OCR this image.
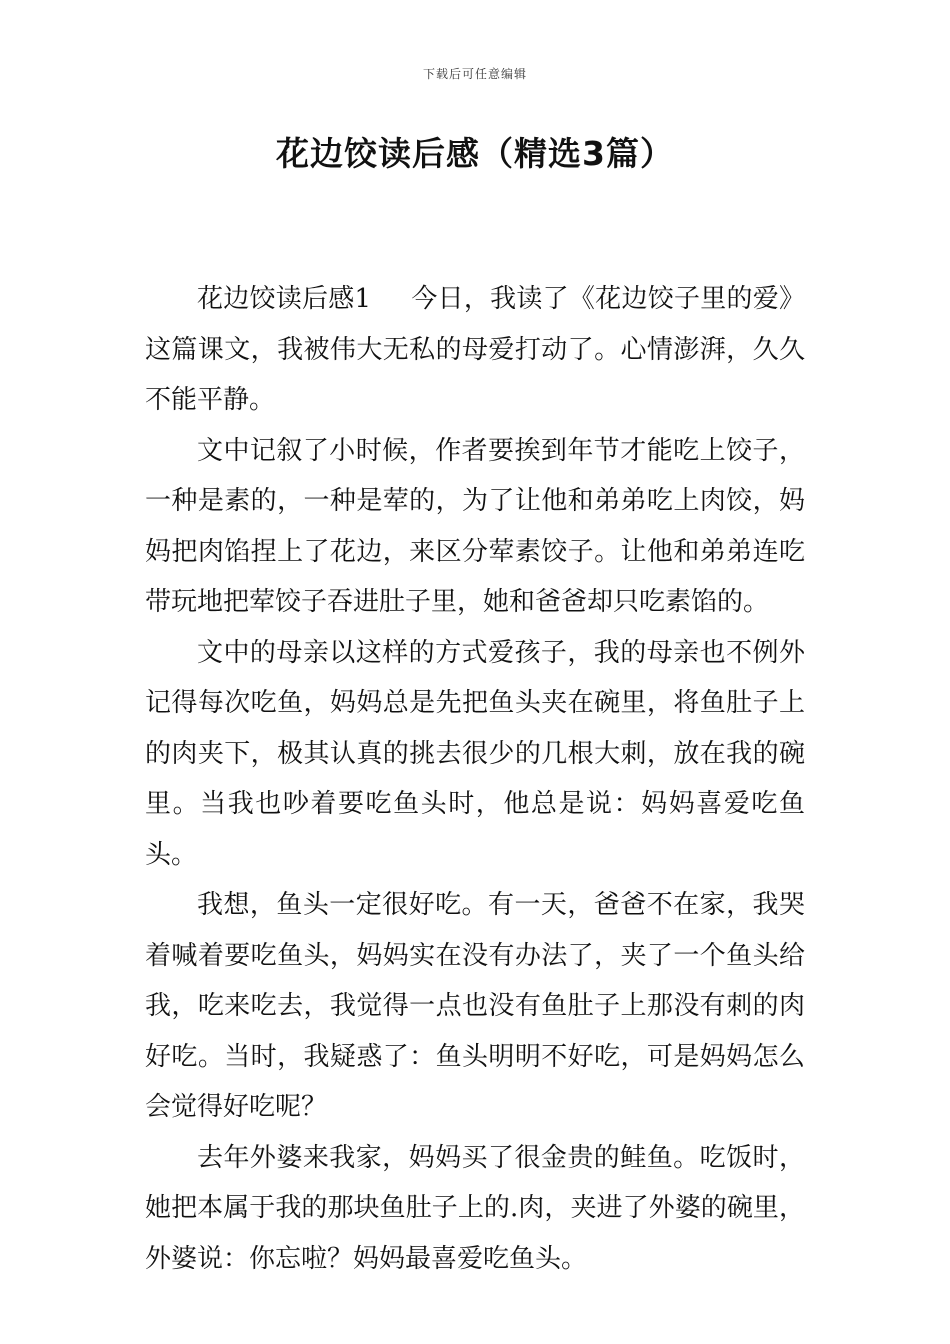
下载后可任意编辑
花边饺读后感（精选3篇）

花边饺读后感1 今日，我读了《花边饺子里的爱》这篇课文，我被伟大无私的母爱打动了。心情澎湃，久久不能平静。

文中记叙了小时候，作者要挨到年节才能吃上饺子，一种是素的，一种是荤的，为了让他和弟弟吃上肉饺，妈妈把肉馅捏上了花边，来区分荤素饺子。让他和弟弟连吃带玩地把荤饺子吞进肚子里，她和爸爸却只吃素馅的。

文中的母亲以这样的方式爱孩子，我的母亲也不例外记得每次吃鱼，妈妈总是先把鱼头夹在碗里，将鱼肚子上的肉夹下，极其认真的挑去很少的几根大刺，放在我的碗里。当我也吵着要吃鱼头时，他总是说：妈妈喜爱吃鱼头。

我想，鱼头一定很好吃。有一天，爸爸不在家，我哭着喊着要吃鱼头，妈妈实在没有办法了，夹了一个鱼头给我，吃来吃去，我觉得一点也没有鱼肚子上那没有刺的肉好吃。当时，我疑惑了：鱼头明明不好吃，可是妈妈怎么会觉得好吃呢？

去年外婆来我家，妈妈买了很金贵的鲑鱼。吃饭时，她把本属于我的那块鱼肚子上的.肉，夹进了外婆的碗里，外婆说：你忘啦？妈妈最喜爱吃鱼头。
